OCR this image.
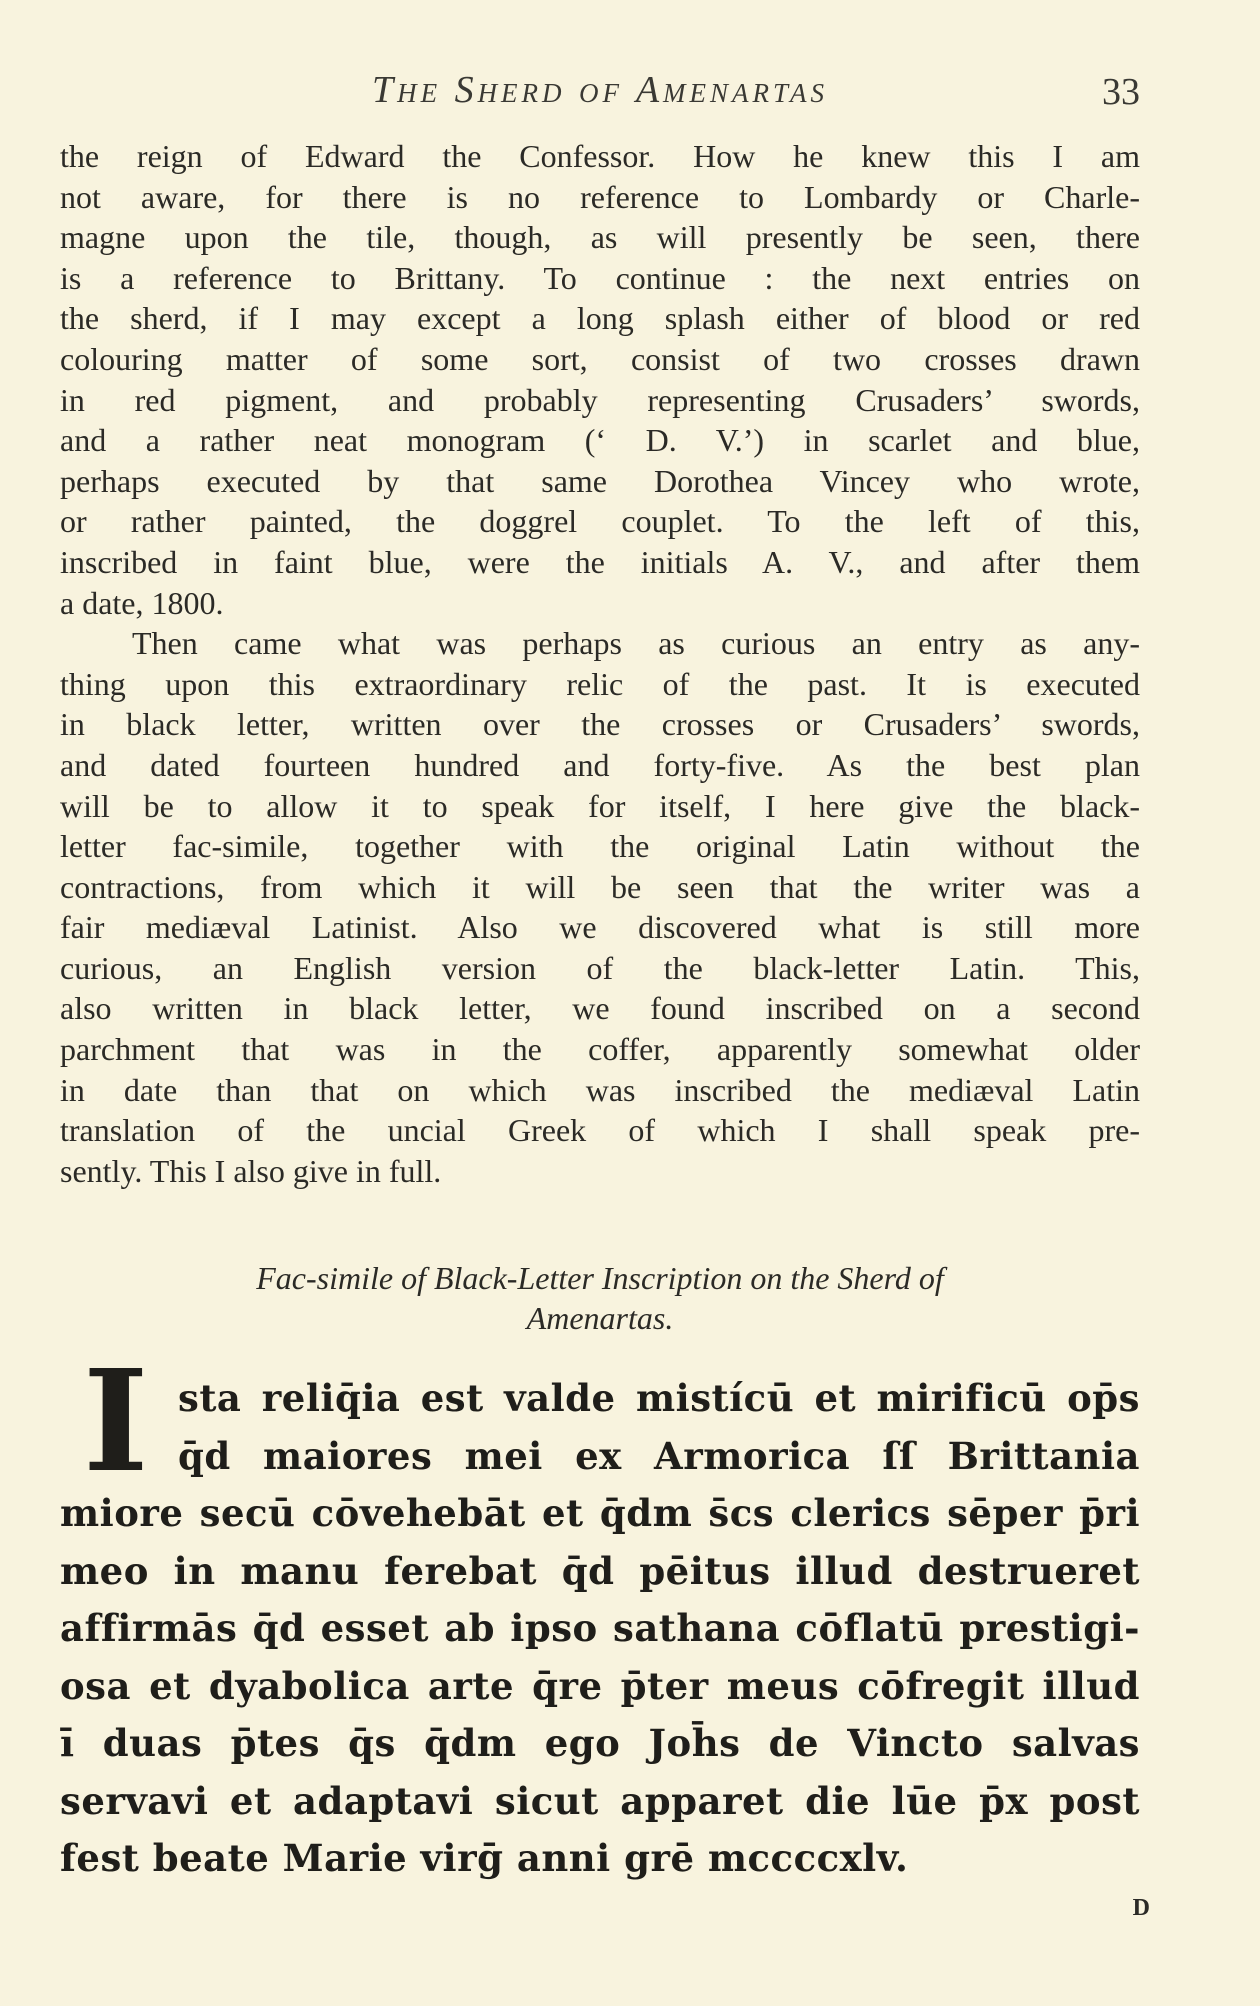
The Sherd of Amenartas	33
the reign of Edward the Confessor. How he knew this I am
not aware, for there is no reference to Lombardy or Charle-
magne upon the tile, though, as will presently be seen, there
is a reference to Brittany. To continue : the next entries on
the sherd, if I may except a long splash either of blood or red
colouring matter of some sort, consist of two crosses drawn
in red pigment, and probably representing Crusaders’ swords,
and a rather neat monogram (‘ D. V.’) in scarlet and blue,
perhaps executed by that same Dorothea Vincey who wrote,
or rather painted, the doggrel couplet. To the left of this,
inscribed in faint blue, were the initials A. V., and after them
a date, 1800.
Then came what was perhaps as curious an entry as any-
thing upon this extraordinary relic of the past. It is executed
in black letter, written over the crosses or Crusaders’ swords,
and dated fourteen hundred and forty-five. As the best plan
will be to allow it to speak for itself, I here give the black-
letter fac-simile, together with the original Latin without the
contractions, from which it will be seen that the writer was a
fair mediæval Latinist. Also we discovered what is still more
curious, an English version of the black-letter Latin. This,
also written in black letter, we found inscribed on a second
parchment that was in the coffer, apparently somewhat older
in date than that on which was inscribed the mediæval Latin
translation of the uncial Greek of which I shall speak pre-
sently. This I also give in full.
Fac-simile of Black-Letter Inscription on the Sherd of
Amenartas.
I sta reliq̄ia est valde mistícū et mirificū op̄s
q̄d maiores mei ex Armorica ſſ Brittania
miore secū cōvehebāt et q̄dm s̄cs clerics sēper p̄ri
meo in manu ferebat q̄d pēitus illud destrueret
affirmās q̄d esset ab ipso sathana cōflatū prestigi-
osa et dyabolica arte q̄re p̄ter meus cōfregit illud
ī duas p̄tes q̄s q̄dm ego Joh̄s de Vincto salvas
servavi et adaptavi sicut apparet die lūe p̄x post
fest beate Marie virḡ anni grē mccccxlv.
D
